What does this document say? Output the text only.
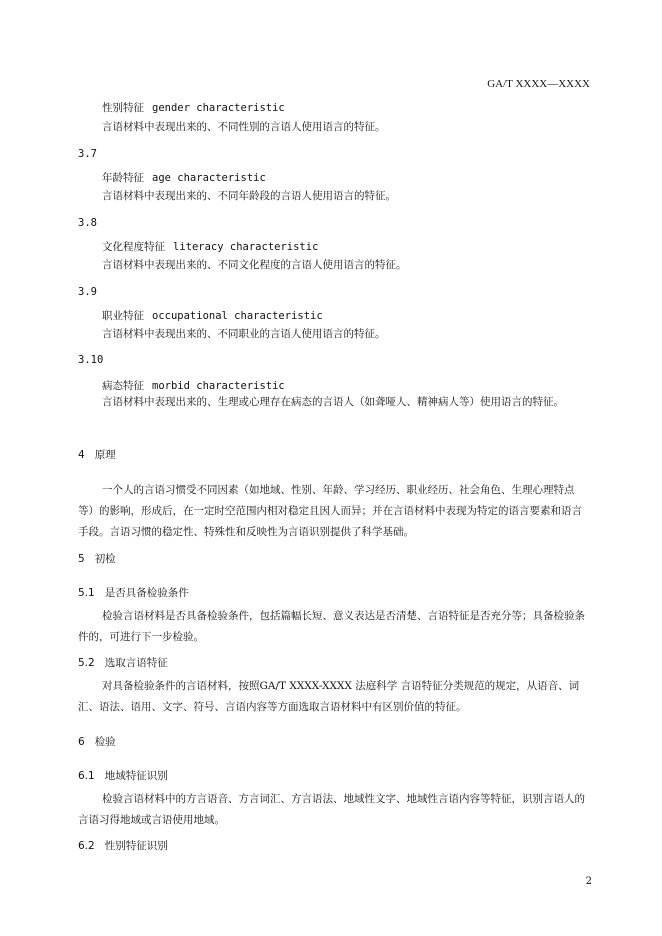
GA/T XXXX—XXXX
性别特征 gender characteristic
言语材料中表现出来的、不同性别的言语人使用语言的特征。
3.7
年龄特征 age characteristic
言语材料中表现出来的、不同年龄段的言语人使用语言的特征。
3.8
文化程度特征 literacy characteristic
言语材料中表现出来的、不同文化程度的言语人使用语言的特征。
3.9
职业特征 occupational characteristic
言语材料中表现出来的、不同职业的言语人使用语言的特征。
3.10
病态特征 morbid characteristic
言语材料中表现出来的、生理或心理存在病态的言语人（如聋哑人、精神病人等）使用语言的特征。
4 原理
一个人的言语习惯受不同因素（如地域、性别、年龄、学习经历、职业经历、社会角色、生理心理特点等）的影响，形成后，在一定时空范围内相对稳定且因人而异；并在言语材料中表现为特定的语言要素和语言手段。言语习惯的稳定性、特殊性和反映性为言语识别提供了科学基础。
5 初检
5.1 是否具备检验条件
检验言语材料是否具备检验条件，包括篇幅长短、意义表达是否清楚、言语特征是否充分等；具备检验条件的，可进行下一步检验。
5.2 选取言语特征
对具备检验条件的言语材料，按照GA/T XXXX-XXXX 法庭科学 言语特征分类规范的规定，从语音、词汇、语法、语用、文字、符号、言语内容等方面选取言语材料中有区别价值的特征。
6 检验
6.1 地域特征识别
检验言语材料中的方言语音、方言词汇、方言语法、地域性文字、地域性言语内容等特征，识别言语人的言语习得地域或言语使用地域。
6.2 性别特征识别
2
